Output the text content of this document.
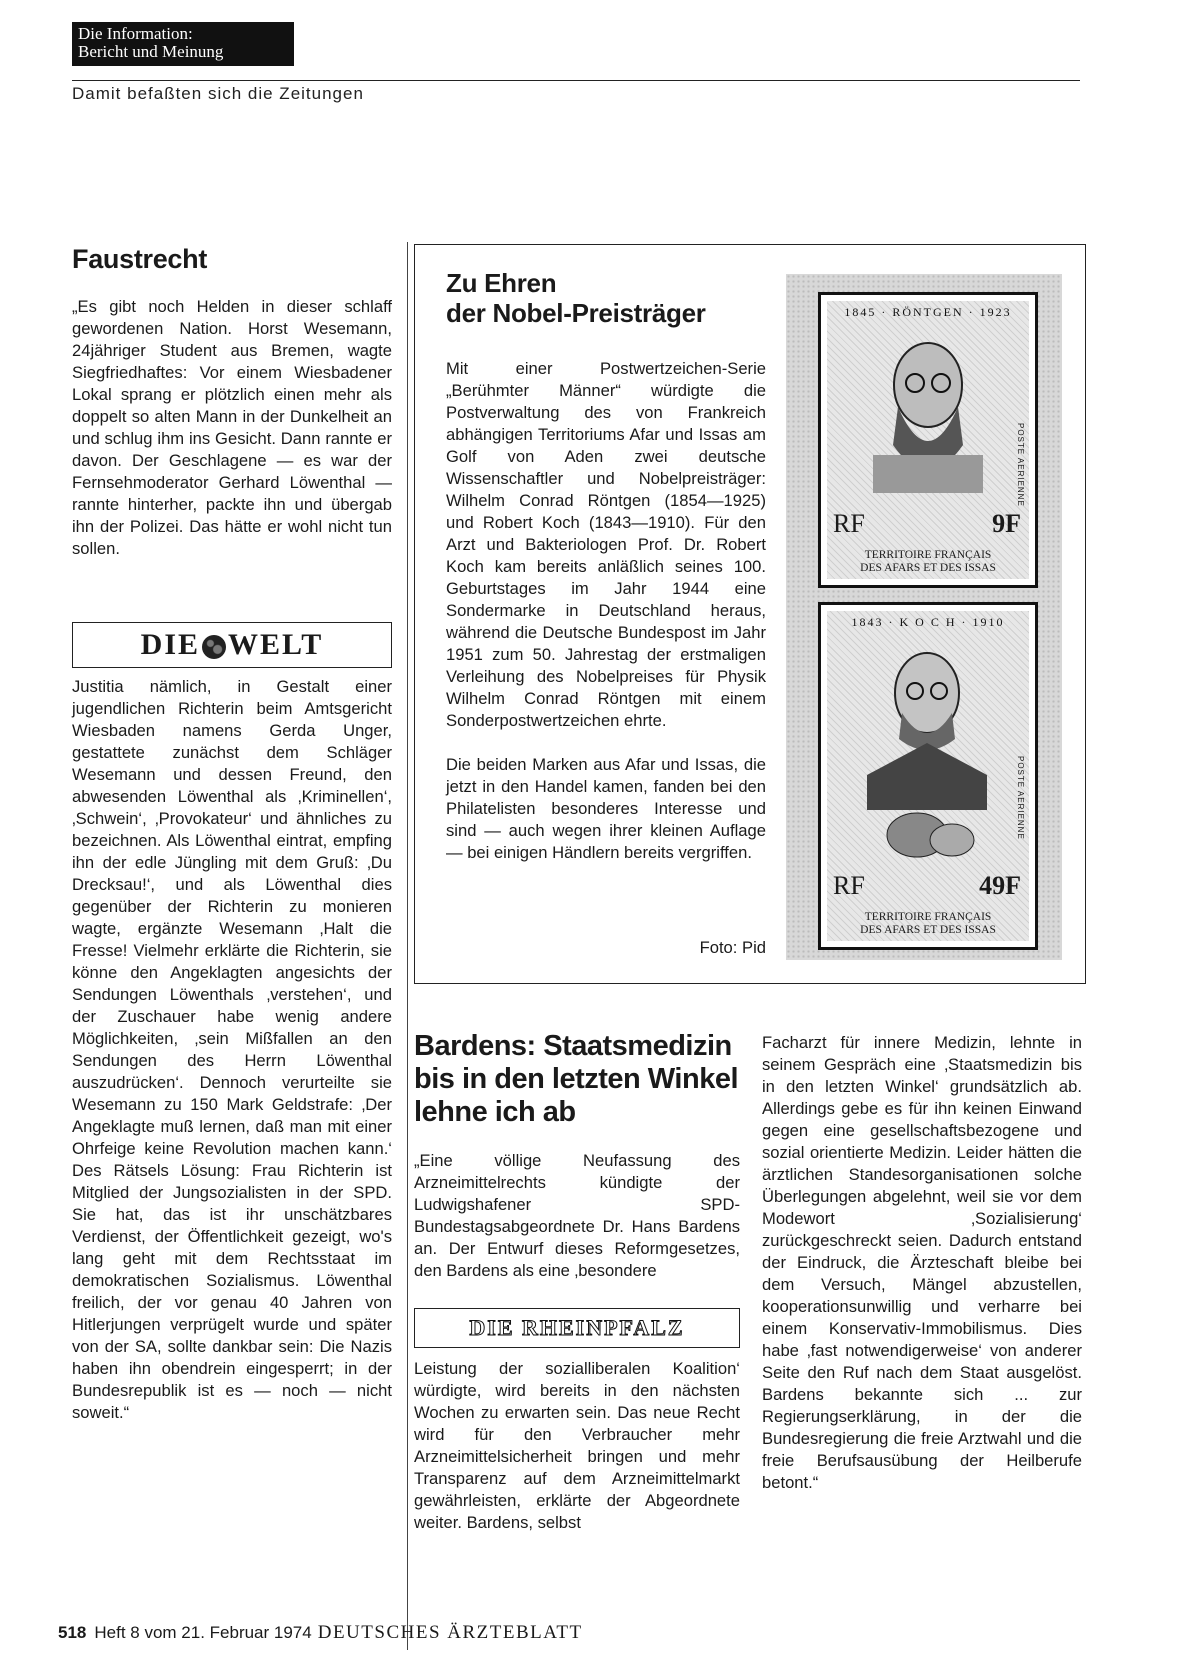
Die Information:
Bericht und Meinung
Damit befaßten sich die Zeitungen
Faustrecht

„Es gibt noch Helden in dieser schlaff gewordenen Nation. Horst Wesemann, 24jähriger Student aus Bremen, wagte Siegfriedhaftes: Vor einem Wiesbadener Lokal sprang er plötzlich einen mehr als doppelt so alten Mann in der Dunkelheit an und schlug ihm ins Gesicht. Dann rannte er davon. Der Geschlagene — es war der Fernsehmoderator Gerhard Löwenthal — rannte hinterher, packte ihn und übergab ihn der Polizei. Das hätte er wohl nicht tun sollen.

DIE WELT

Justitia nämlich, in Gestalt einer jugendlichen Richterin beim Amtsgericht Wiesbaden namens Gerda Unger, gestattete zunächst dem Schläger Wesemann und dessen Freund, den abwesenden Löwenthal als ‚Kriminellen‘, ‚Schwein‘, ‚Provokateur‘ und ähnliches zu bezeichnen. Als Löwenthal eintrat, empfing ihn der edle Jüngling mit dem Gruß: ‚Du Drecksau!‘, und als Löwenthal dies gegenüber der Richterin zu monieren wagte, ergänzte Wesemann ‚Halt die Fresse! Vielmehr erklärte die Richterin, sie könne den Angeklagten angesichts der Sendungen Löwenthals ‚verstehen‘, und der Zuschauer habe wenig andere Möglichkeiten, ‚sein Mißfallen an den Sendungen des Herrn Löwenthal auszudrücken‘. Dennoch verurteilte sie Wesemann zu 150 Mark Geldstrafe: ‚Der Angeklagte muß lernen, daß man mit einer Ohrfeige keine Revolution machen kann.‘ Des Rätsels Lösung: Frau Richterin ist Mitglied der Jungsozialisten in der SPD. Sie hat, das ist ihr unschätzbares Verdienst, der Öffentlichkeit gezeigt, wo's lang geht mit dem Rechtsstaat im demokratischen Sozialismus. Löwenthal freilich, der vor genau 40 Jahren von Hitlerjungen verprügelt wurde und später von der SA, sollte dankbar sein: Die Nazis haben ihn obendrein eingesperrt; in der Bundesrepublik ist es — noch — nicht soweit.“

Zu Ehren
der Nobel-Preisträger

Mit einer Postwertzeichen-Serie „Berühmter Männer“ würdigte die Postverwaltung des von Frankreich abhängigen Territoriums Afar und Issas am Golf von Aden zwei deutsche Wissenschaftler und Nobelpreisträger: Wilhelm Conrad Röntgen (1854—1925) und Robert Koch (1843—1910). Für den Arzt und Bakteriologen Prof. Dr. Robert Koch kam bereits anläßlich seines 100. Geburtstages im Jahr 1944 eine Sondermarke in Deutschland heraus, während die Deutsche Bundespost im Jahr 1951 zum 50. Jahrestag der erstmaligen Verleihung des Nobelpreises für Physik Wilhelm Conrad Röntgen mit einem Sonderpostwertzeichen ehrte.

Die beiden Marken aus Afar und Issas, die jetzt in den Handel kamen, fanden bei den Philatelisten besonderes Interesse und sind — auch wegen ihrer kleinen Auflage — bei einigen Händlern bereits vergriffen.

Foto: Pid
1845 · RÖNTGEN · 1923
POSTE AERIENNE
RF	9F
TERRITOIRE FRANÇAIS
DES AFARS ET DES ISSAS
1843 · K O C H · 1910
POSTE AERIENNE
RF	49F
TERRITOIRE FRANÇAIS
DES AFARS ET DES ISSAS
Bardens: Staatsmedizin bis in den letzten Winkel lehne ich ab

„Eine völlige Neufassung des Arzneimittelrechts kündigte der Ludwigshafener SPD-Bundestagsabgeordnete Dr. Hans Bardens an. Der Entwurf dieses Reformgesetzes, den Bardens als eine ‚besondere

DIE RHEINPFALZ

Leistung der sozialliberalen Koalition‘ würdigte, wird bereits in den nächsten Wochen zu erwarten sein. Das neue Recht wird für den Verbraucher mehr Arzneimittelsicherheit bringen und mehr Transparenz auf dem Arzneimittelmarkt gewährleisten, erklärte der Abgeordnete weiter. Bardens, selbst

Facharzt für innere Medizin, lehnte in seinem Gespräch eine ‚Staatsmedizin bis in den letzten Winkel‘ grundsätzlich ab. Allerdings gebe es für ihn keinen Einwand gegen eine gesellschaftsbezogene und sozial orientierte Medizin. Leider hätten die ärztlichen Standesorganisationen solche Überlegungen abgelehnt, weil sie vor dem Modewort ‚Sozialisierung‘ zurückgeschreckt seien. Dadurch entstand der Eindruck, die Ärzteschaft bleibe bei dem Versuch, Mängel abzustellen, kooperationsunwillig und verharre bei einem Konservativ-Immobilismus. Dies habe ‚fast notwendigerweise‘ von anderer Seite den Ruf nach dem Staat ausgelöst. Bardens bekannte sich ... zur Regierungserklärung, in der die Bundesregierung die freie Arztwahl und die freie Berufsausübung der Heilberufe betont.“

518 Heft 8 vom 21. Februar 1974 DEUTSCHES ÄRZTEBLATT
